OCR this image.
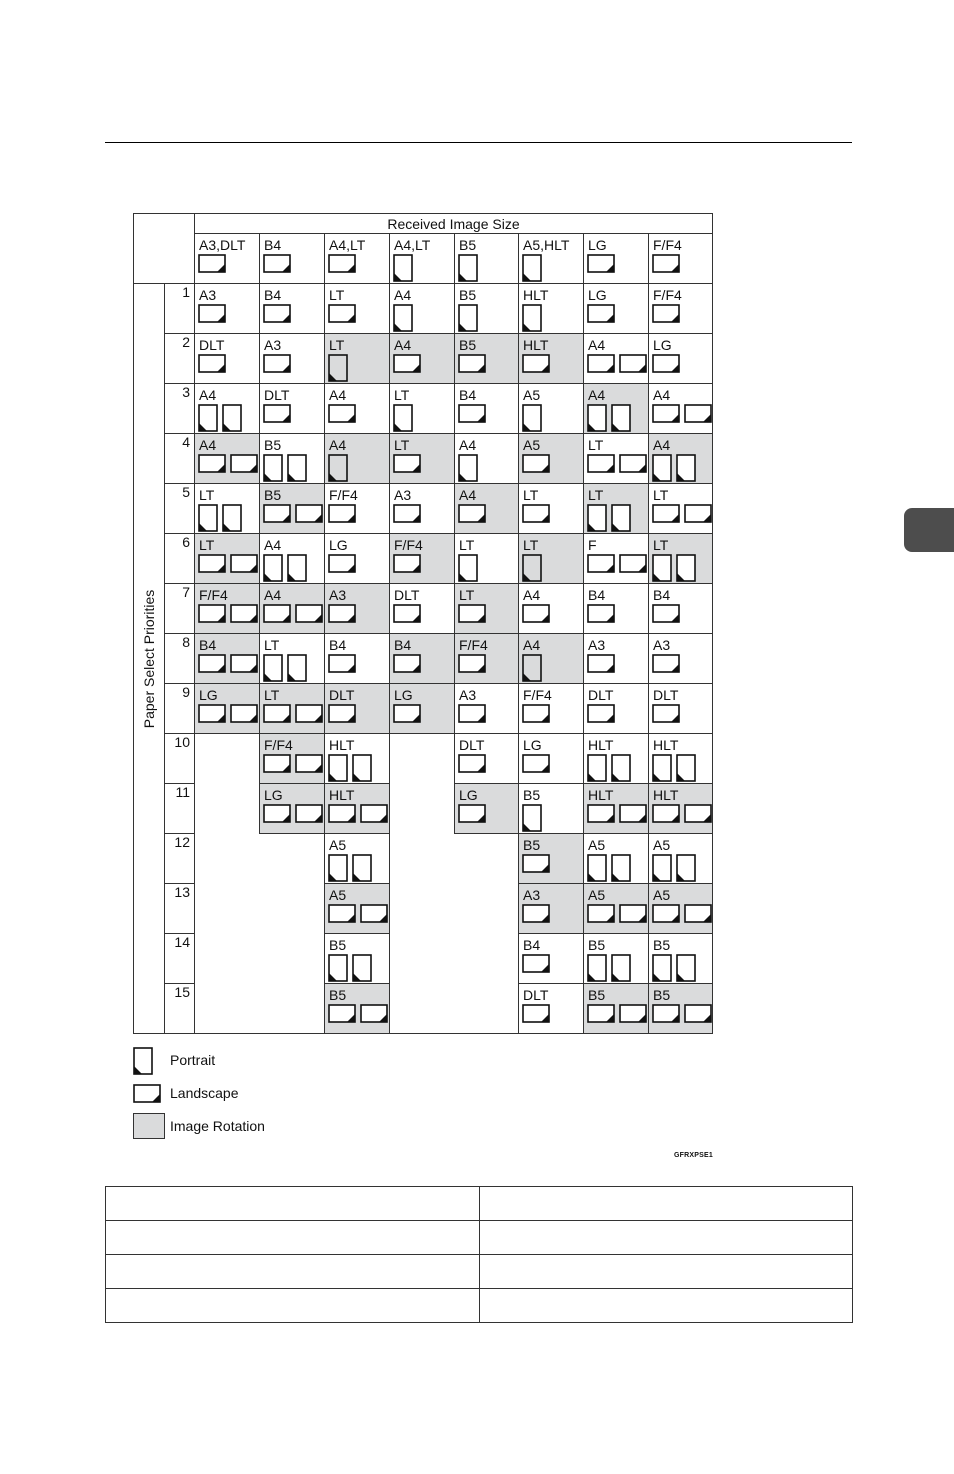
		Received Image Size							

		A3,DLT	B4	A4,LT	A4,LT	B5	A5,HLT	LG	F/F4

Paper Select Priorities	1	A3	B4	LT	A4	B5	HLT	LG	F/F4

	2	DLT	A3	LT	A4	B5	HLT	A4	LG

	3	A4	DLT	A4	LT	B4	A5	A4	A4

	4	A4	B5	A4	LT	A4	A5	LT	A4

	5	LT	B5	F/F4	A3	A4	LT	LT	LT

	6	LT	A4	LG	F/F4	LT	LT	F	LT

	7	F/F4	A4	A3	DLT	LT	A4	B4	B4

	8	B4	LT	B4	B4	F/F4	A4	A3	A3

	9	LG	LT	DLT	LG	A3	F/F4	DLT	DLT

	10		F/F4	HLT		DLT	LG	HLT	HLT

	11		LG	HLT		LG	B5	HLT	HLT

	12			A5			B5	A5	A5

	13			A5			A3	A5	A5

	14			B5			B4	B5	B5

	15			B5			DLT	B5	B5
Portrait
Landscape
Image Rotation
GFRXPSE1
